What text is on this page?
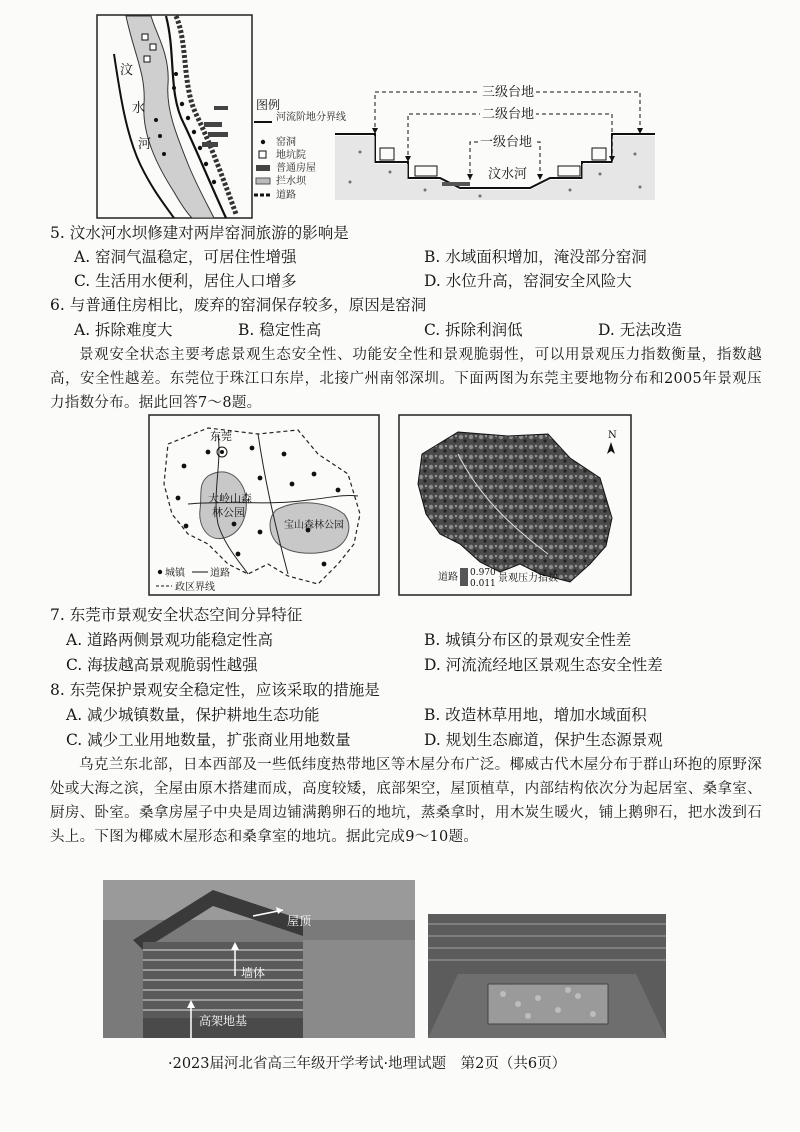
水
河
汶
图例
河流阶地分界线
窑洞
地坑院
普通房屋
拦水坝
道路
三级台地
二级台地
一级台地
汶水河
5. 汶水河水坝修建对两岸窑洞旅游的影响是
A. 窑洞气温稳定，可居住性增强	B. 水域面积增加，淹没部分窑洞
C. 生活用水便利，居住人口增多	D. 水位升高，窑洞安全风险大
6. 与普通住房相比，废弃的窑洞保存较多，原因是窑洞
A. 拆除难度大	B. 稳定性高	C. 拆除利润低	D. 无法改造
景观安全状态主要考虑景观生态安全性、功能安全性和景观脆弱性，可以用景观压力指数衡量，指数越高，安全性越差。东莞位于珠江口东岸，北接广州南邻深圳。下面两图为东莞主要地物分布和2005年景观压力指数分布。据此回答7～8题。
东莞
大岭山森
林公园
宝山森林公园
城镇	道路
政区界线
N
道路 0.970
0.011 景观压力指数
7. 东莞市景观安全状态空间分异特征
A. 道路两侧景观功能稳定性高	B. 城镇分布区的景观安全性差
C. 海拔越高景观脆弱性越强	D. 河流流经地区景观生态安全性差
8. 东莞保护景观安全稳定性，应该采取的措施是
A. 减少城镇数量，保护耕地生态功能	B. 改造林草用地，增加水域面积
C. 减少工业用地数量，扩张商业用地数量	D. 规划生态廊道，保护生态源景观
乌克兰东北部，日本西部及一些低纬度热带地区等木屋分布广泛。椰威古代木屋分布于群山环抱的原野深处或大海之滨，全屋由原木搭建而成，高度较矮，底部架空，屋顶植草，内部结构依次分为起居室、桑拿室、厨房、卧室。桑拿房屋子中央是周边铺满鹅卵石的地坑，蒸桑拿时，用木炭生暖火，铺上鹅卵石，把水泼到石头上。下图为椰威木屋形态和桑拿室的地坑。据此完成9～10题。
屋顶
墙体
高架地基
·2023届河北省高三年级开学考试·地理试题　第2页（共6页）
